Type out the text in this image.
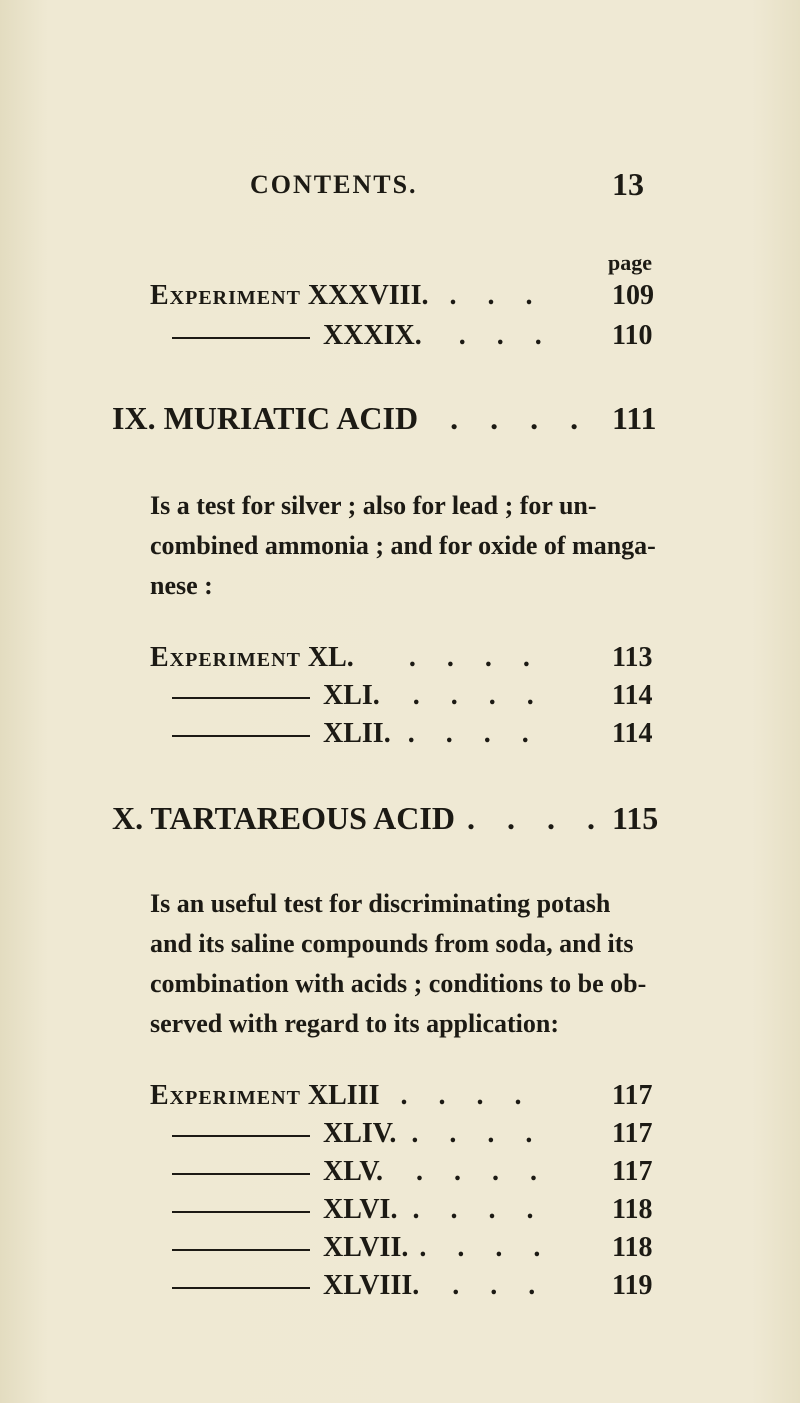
CONTENTS.	13
page
Experiment XXXVIII. . . . 109
XXXIX. . . . 110
IX. MURIATIC ACID . . . . 111
Is a test for silver ; also for lead ; for un-
combined ammonia ; and for oxide of manga-
nese :
Experiment XL. . . . .	113
XLI. . . . . 114
XLII. . . . .	114
X. TARTAREOUS ACID . . . . 115
Is an useful test for discriminating potash
and its saline compounds from soda, and its
combination with acids ; conditions to be ob-
served with regard to its application:
Experiment XLIII . . . .	117
XLIV. . . . . 117
XLV. . . . . 117
XLVI. . . . . 118
XLVII. . . . . 118
XLVIII. . . . 119
